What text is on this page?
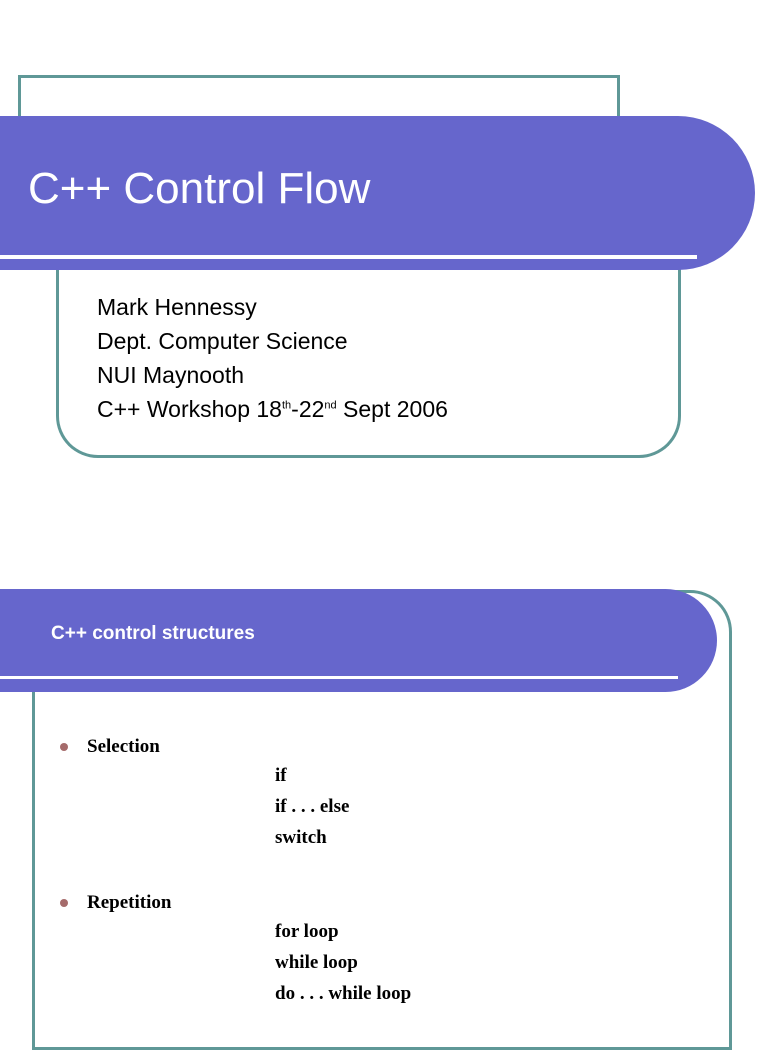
C++ Control Flow
Mark Hennessy
Dept. Computer Science
NUI Maynooth
C++ Workshop 18th-22nd Sept 2006
C++ control structures
Selection
if
if . . . else
switch
Repetition
for loop
while loop
do . . . while loop
